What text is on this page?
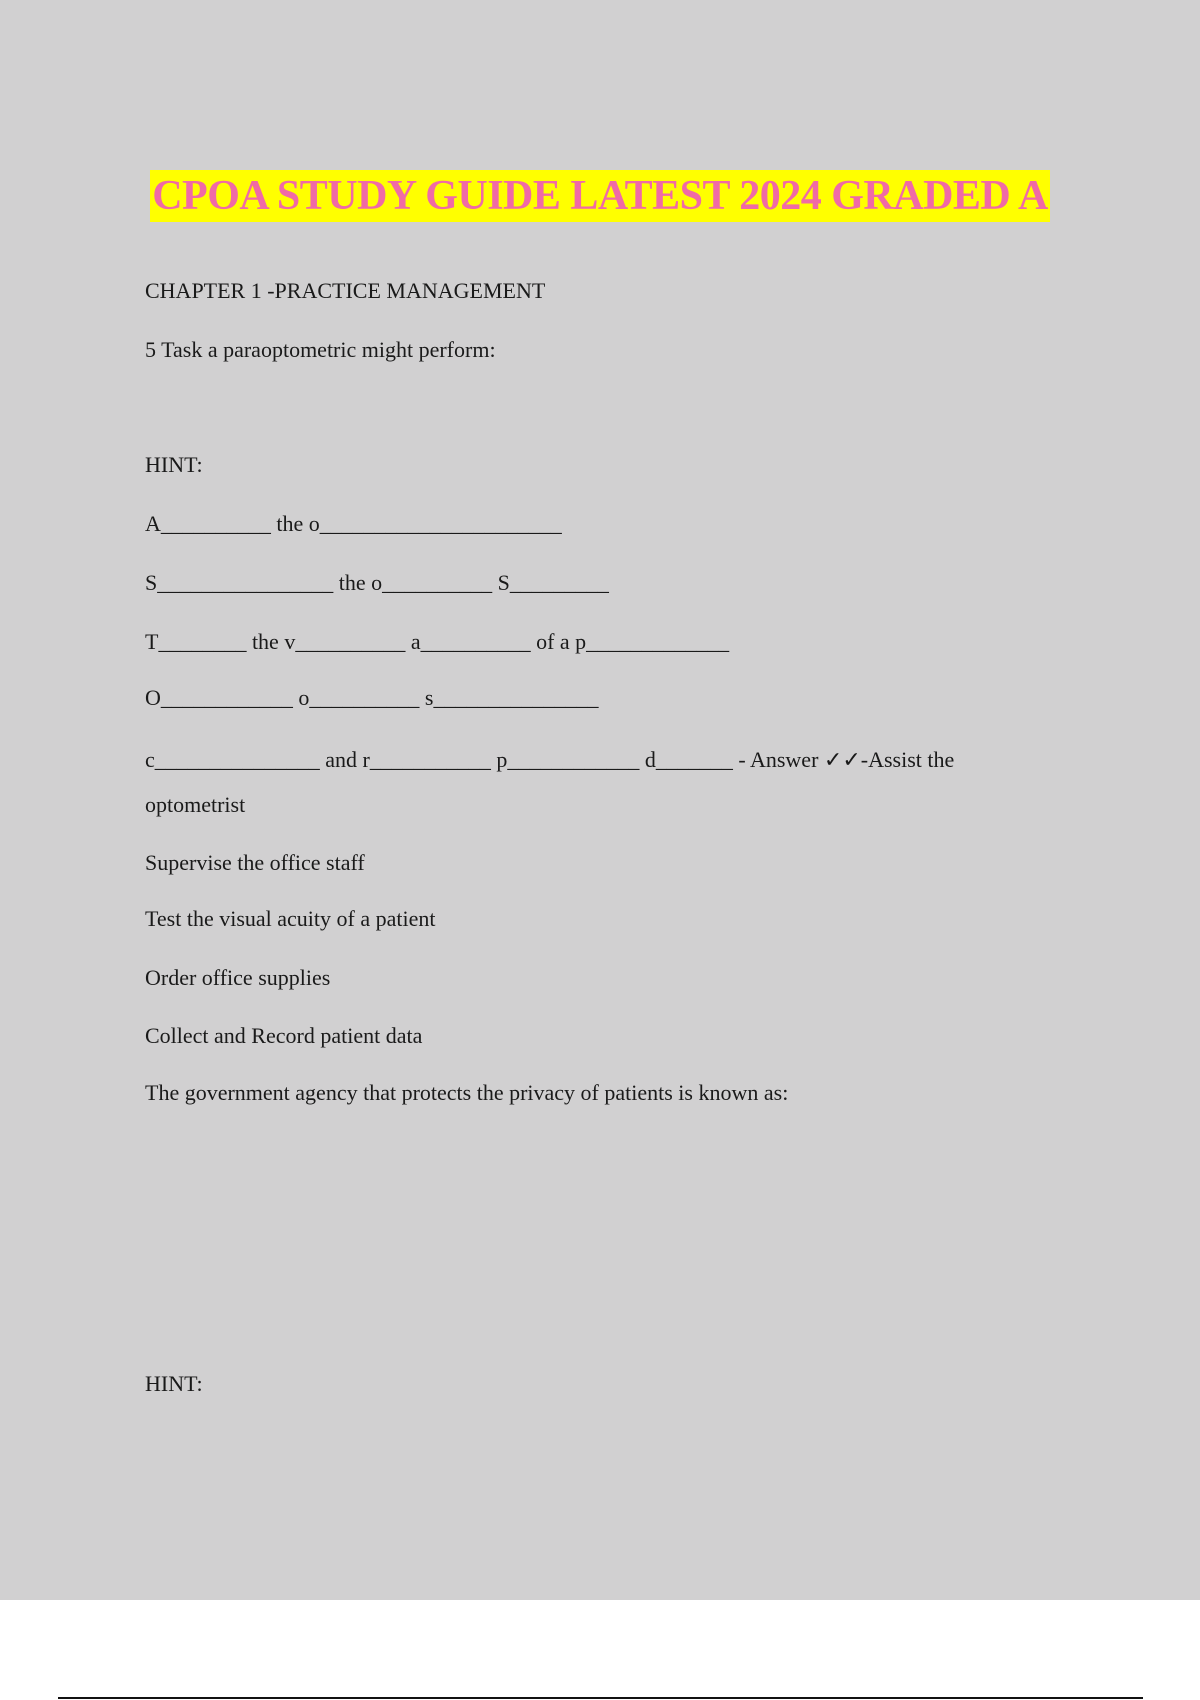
CPOA STUDY GUIDE LATEST 2024 GRADED A
CHAPTER 1 -PRACTICE MANAGEMENT
5 Task a paraoptometric might perform:
HINT:
A__________ the o______________________
S________________ the o__________ S_________
T________ the v__________ a__________ of a p_____________
O____________ o__________ s_______________
c_______________ and r___________ p____________ d_______ - Answer ✓✓-Assist the
optometrist
Supervise the office staff
Test the visual acuity of a patient
Order office supplies
Collect and Record patient data
The government agency that protects the privacy of patients is known as:
HINT:
